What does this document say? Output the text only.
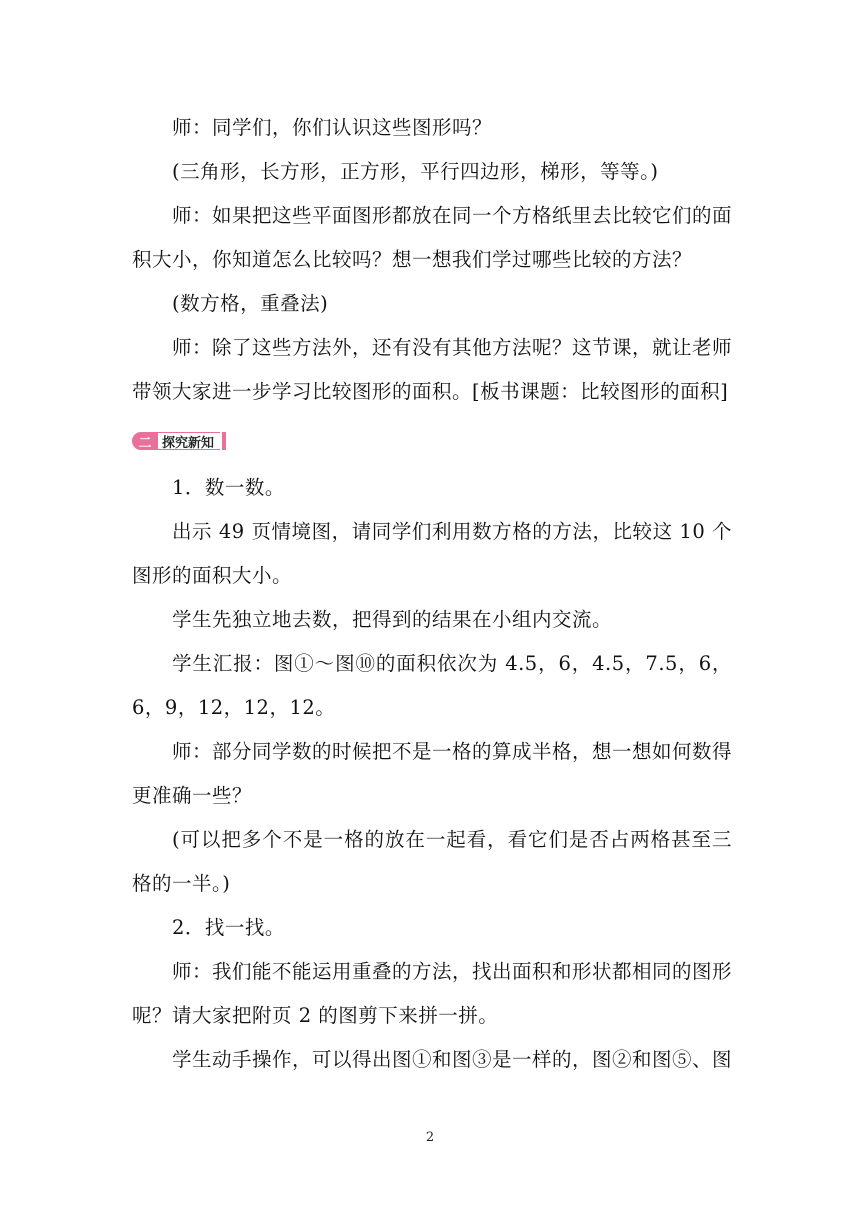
师：同学们，你们认识这些图形吗？

(三角形，长方形，正方形，平行四边形，梯形，等等。)

师：如果把这些平面图形都放在同一个方格纸里去比较它们的面积大小，你知道怎么比较吗？想一想我们学过哪些比较的方法？

(数方格，重叠法)

师：除了这些方法外，还有没有其他方法呢？这节课，就让老师带领大家进一步学习比较图形的面积。[板书课题：比较图形的面积]

二 探究新知

1．数一数。

出示 49 页情境图，请同学们利用数方格的方法，比较这 10 个图形的面积大小。

学生先独立地去数，把得到的结果在小组内交流。

学生汇报：图①～图⑩的面积依次为 4.5，6，4.5，7.5，6，6，9，12，12，12。

师：部分同学数的时候把不是一格的算成半格，想一想如何数得更准确一些？

(可以把多个不是一格的放在一起看，看它们是否占两格甚至三格的一半。)

2．找一找。

师：我们能不能运用重叠的方法，找出面积和形状都相同的图形呢？请大家把附页 2 的图剪下来拼一拼。

学生动手操作，可以得出图①和图③是一样的，图②和图⑤、图

2
